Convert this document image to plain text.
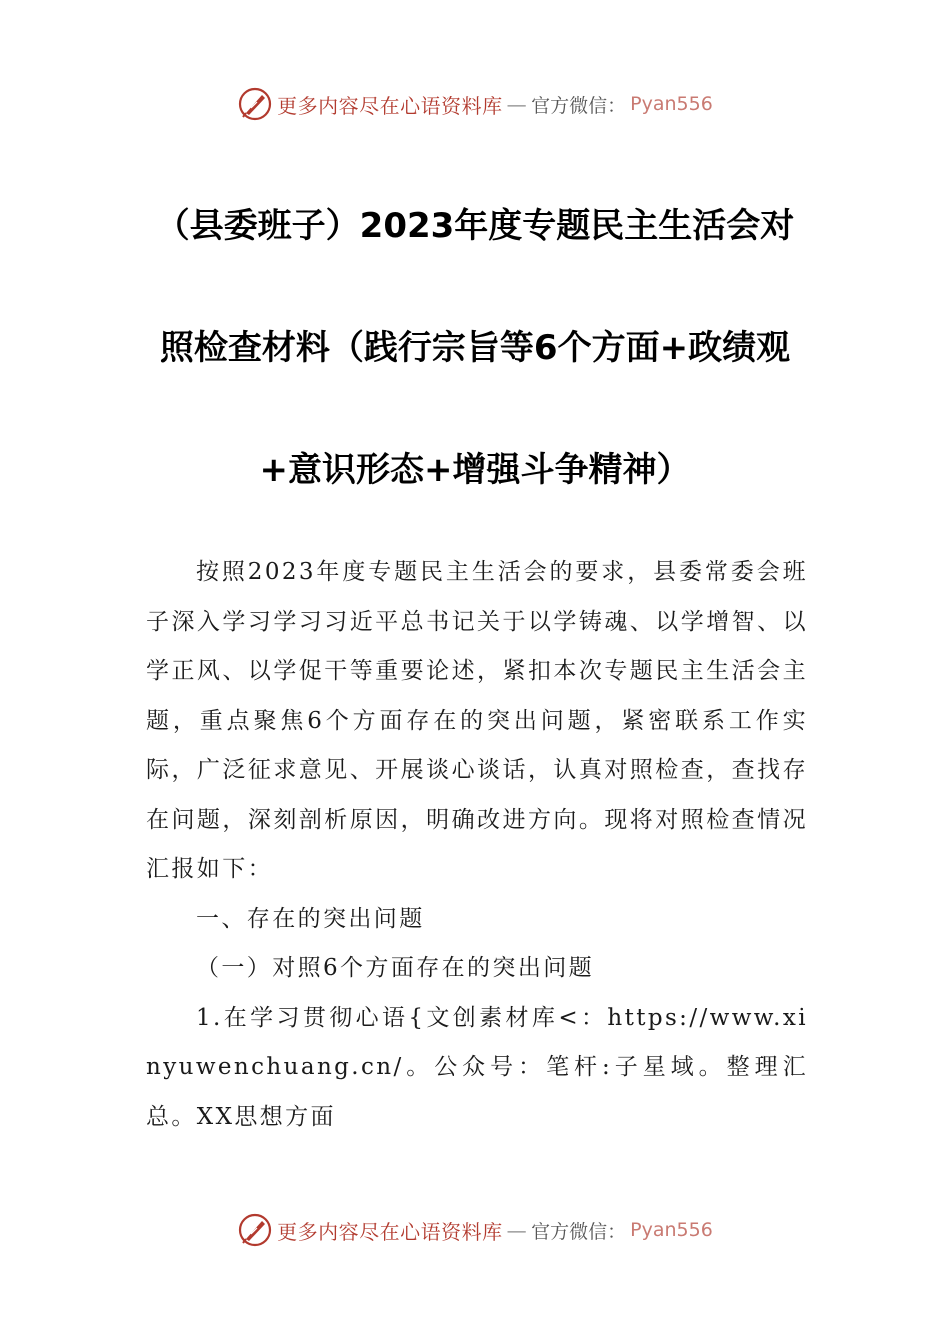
更多内容尽在心语资料库 — 官方微信： Pyan556
（县委班子）2023年度专题民主生活会对
照检查材料（践行宗旨等6个方面+政绩观
+意识形态+增强斗争精神）

按照2023年度专题民主生活会的要求，县委常委会班子深入学习学习习近平总书记关于以学铸魂、以学增智、以学正风、以学促干等重要论述，紧扣本次专题民主生活会主题，重点聚焦6个方面存在的突出问题，紧密联系工作实际，广泛征求意见、开展谈心谈话，认真对照检查，查找存在问题，深刻剖析原因，明确改进方向。现将对照检查情况汇报如下：

一、存在的突出问题

（一）对照6个方面存在的突出问题

1.在学习贯彻心语{文创素材库<：https://www.xinyuwenchuang.cn/。公众号：笔杆:子星域。整理汇总。XX思想方面

更多内容尽在心语资料库 — 官方微信： Pyan556
